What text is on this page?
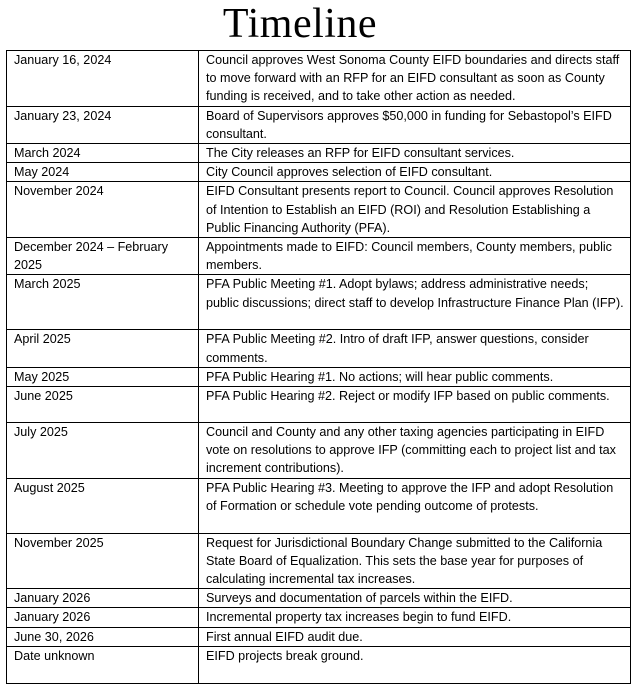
Timeline
January 16, 2024	Council approves West Sonoma County EIFD boundaries and directs staff to move forward with an RFP for an EIFD consultant as soon as County funding is received, and to take other action as needed.
January 23, 2024	Board of Supervisors approves $50,000 in funding for Sebastopol’s EIFD consultant.
March 2024	The City releases an RFP for EIFD consultant services.
May 2024	City Council approves selection of EIFD consultant.
November 2024	EIFD Consultant presents report to Council. Council approves Resolution of Intention to Establish an EIFD (ROI) and Resolution Establishing a Public Financing Authority (PFA).
December 2024 – February 2025	Appointments made to EIFD: Council members, County members, public members.
March 2025	PFA Public Meeting #1. Adopt bylaws; address administrative needs; public discussions; direct staff to develop Infrastructure Finance Plan (IFP).
April 2025	PFA Public Meeting #2. Intro of draft IFP, answer questions, consider comments.
May 2025	PFA Public Hearing #1. No actions; will hear public comments.
June 2025	PFA Public Hearing #2. Reject or modify IFP based on public comments.
July 2025	Council and County and any other taxing agencies participating in EIFD vote on resolutions to approve IFP (committing each to project list and tax increment contributions).
August 2025	PFA Public Hearing #3. Meeting to approve the IFP and adopt Resolution of Formation or schedule vote pending outcome of protests.
November 2025	Request for Jurisdictional Boundary Change submitted to the California State Board of Equalization. This sets the base year for purposes of calculating incremental tax increases.
January 2026	Surveys and documentation of parcels within the EIFD.
January 2026	Incremental property tax increases begin to fund EIFD.
June 30, 2026	First annual EIFD audit due.
Date unknown	EIFD projects break ground.
